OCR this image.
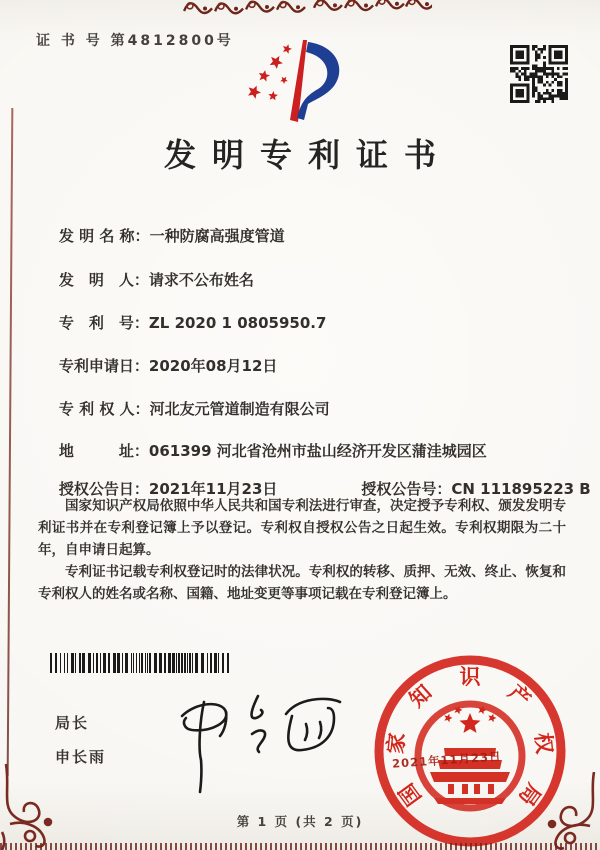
证 书 号 第4812800号
发明专利证书

发 明 名 称：一种防腐高强度管道

发　明　人：请求不公布姓名

专　利　号：ZL 2020 1 0805950.7

专利申请日：2020年08月12日

专 利 权 人：河北友元管道制造有限公司

地　　　址：061399 河北省沧州市盐山经济开发区蒲洼城园区

授权公告日：2021年11月23日
	授权公告号：CN 111895223 B

国家知识产权局依照中华人民共和国专利法进行审查，决定授予专利权、颁发发明专利证书并在专利登记簿上予以登记。专利权自授权公告之日起生效。专利权期限为二十年，自申请日起算。
专利证书记载专利权登记时的法律状况。专利权的转移、质押、无效、终止、恢复和专利权人的姓名或名称、国籍、地址变更等事项记载在专利登记簿上。
局长
申长雨
国
家
知
识
产
权
局
2021年11月23日
第 1 页 (共 2 页)
